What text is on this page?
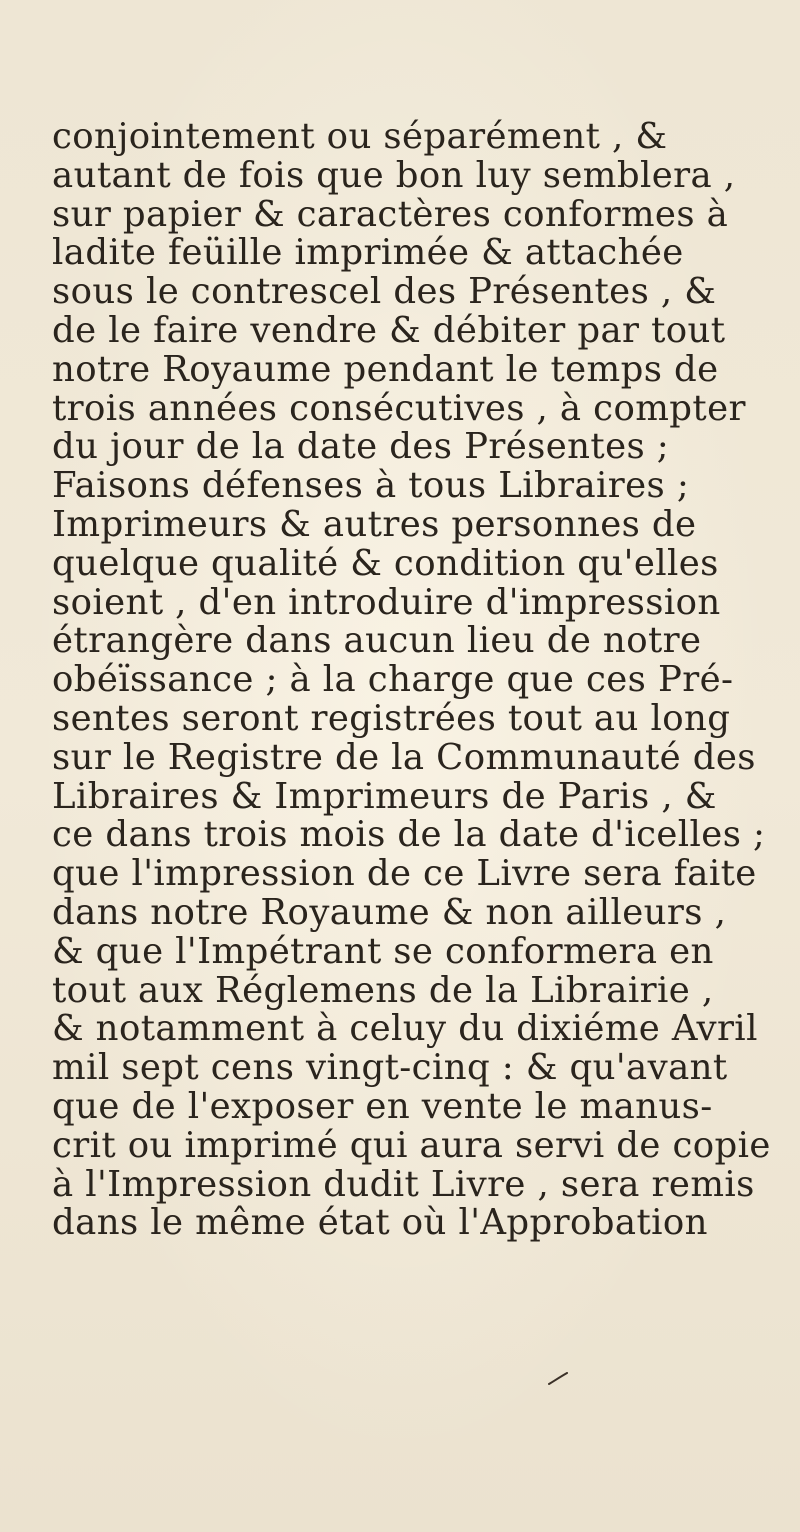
conjointement ou séparément , &
autant de fois que bon luy semblera ,
sur papier & caractères conformes à
ladite feüille imprimée & attachée
sous le contrescel des Présentes , &
de le faire vendre & débiter par tout
notre Royaume pendant le temps de
trois années consécutives , à compter
du jour de la date des Présentes ;
Faisons défenses à tous Libraires ;
Imprimeurs & autres personnes de
quelque qualité & condition qu'elles
soient , d'en introduire d'impression
étrangère dans aucun lieu de notre
obéïssance ; à la charge que ces Pré-
sentes seront registrées tout au long
sur le Registre de la Communauté des
Libraires & Imprimeurs de Paris , &
ce dans trois mois de la date d'icelles ;
que l'impression de ce Livre sera faite
dans notre Royaume & non ailleurs ,
& que l'Impétrant se conformera en
tout aux Réglemens de la Librairie ,
& notamment à celuy du dixiéme Avril
mil sept cens vingt-cinq : & qu'avant
que de l'exposer en vente le manus-
crit ou imprimé qui aura servi de copie
à l'Impression dudit Livre , sera remis
dans le même état où l'Approbation
